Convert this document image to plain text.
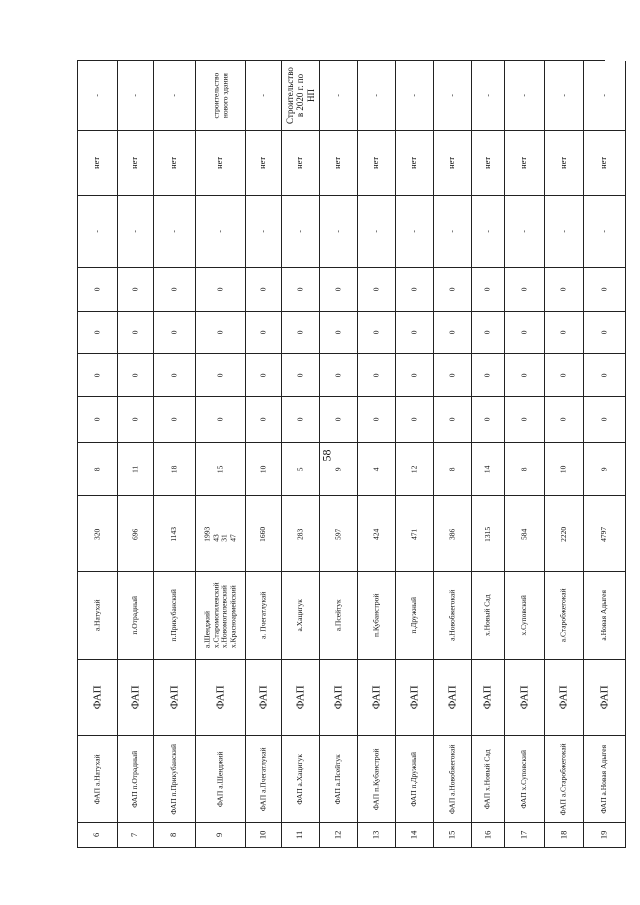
58
6
ФАП а.Натухай
ФАП
а.Натухай
320
8
0
0
0
0
-
нет
-
7
ФАП п.Отрадный
ФАП
п.Отрадный
696
11
0
0
0
0
-
нет
-
8
ФАП п.Прикубанский
ФАП
п.Прикубанский
1143
18
0
0
0
0
-
нет
-
9
ФАП а.Шенджий
ФАП
а.Шенджий х.Старомогилевский х.Новомогилевский х.Красноармейский
1993 43 31 47
15
0
0
0
0
-
нет
строительство нового здания
10
ФАП а.Пчегатлукай
ФАП
а. Пчегатлукай
1660
10
0
0
0
0
-
нет
-
11
ФАП а.Хацигук
ФАП
а.Хацигук
283
5
0
0
0
0
-
нет
Строительство в 2020 г. по НП
12
ФАП а.Псейтук
ФАП
а.Псейтук
597
9
0
0
0
0
-
нет
-
13
ФАП п.Кубанстрой
ФАП
п.Кубанстрой
424
4
0
0
0
0
-
нет
-
14
ФАП п.Дружный
ФАП
п.Дружный
471
12
0
0
0
0
-
нет
-
15
ФАП а.Новобжегокай
ФАП
а.Новобжегокай
386
8
0
0
0
0
-
нет
-
16
ФАП х.Новый Сад
ФАП
х.Новый Сад
1315
14
0
0
0
0
-
нет
-
17
ФАП х.Суповский
ФАП
х.Суповский
584
8
0
0
0
0
-
нет
-
18
ФАП а.Старобжегокай
ФАП
а.Старобжегокай
2220
10
0
0
0
0
-
нет
-
19
ФАП а.Новая Адыгея
ФАП
а.Новая Адыгея
4797
9
0
0
0
0
-
нет
-
